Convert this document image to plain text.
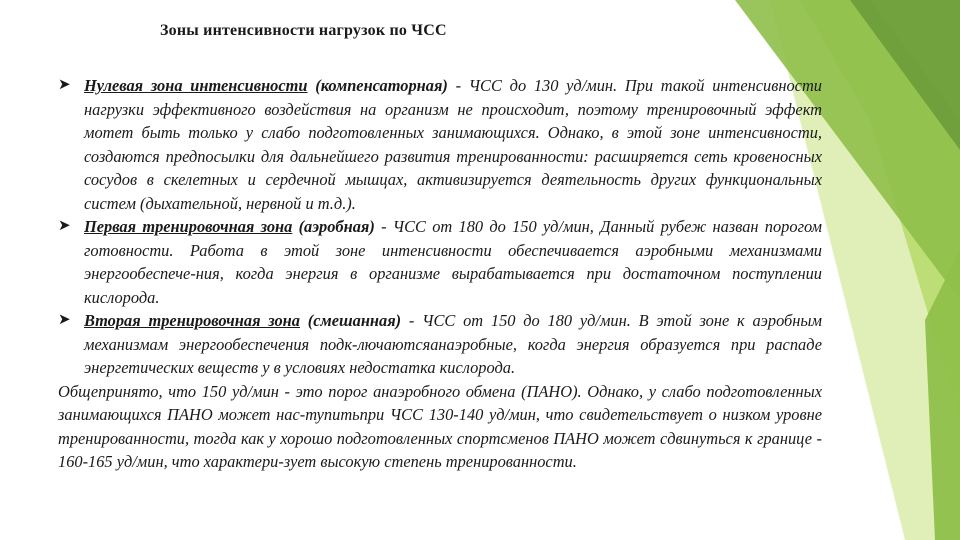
Зоны интенсивности нагрузок по ЧСС

➤ Нулевая зона интенсивности (компенсаторная) - ЧСС до 130 уд/мин. При такой интенсивности нагрузки эффективного воздействия на организм не происходит, поэтому тренировочный эффект мотет быть только у слабо подготовленных занимающихся. Однако, в этой зоне интенсивности, создаются предпосылки для дальнейшего развития тренированности: расширяется сеть кровеносных сосудов в скелетных и сердечной мышцах, активизируется деятельность других функциональных систем (дыхательной, нервной и т.д.).

➤ Первая тренировочная зона (аэробная) - ЧСС от 180 до 150 уд/мин, Данный рубеж назван порогом готовности. Работа в этой зоне интенсивности обеспечивается аэробными механизмами энергообеспече-ния, когда энергия в организме вырабатывается при достаточном поступлении кислорода.

➤ Вторая тренировочная зона (смешанная) - ЧСС от 150 до 180 уд/мин. В этой зоне к аэробным механизмам энергообеспечения подк-лючаютсяанаэробные, когда энергия образуется при распаде энергетических веществ у в условиях недостатка кислорода.

Общепринято, что 150 уд/мин - это порог анаэробного обмена (ПАНО). Однако, у слабо подготовленных занимающихся ПАНО может нас-тупитьпри ЧСС 130-140 уд/мин, что свидетельствует о низком уровне тренированности, тогда как у хорошо подготовленных спортсменов ПАНО может сдвинуться к границе - 160-165 уд/мин, что характери-зует высокую степень тренированности.
